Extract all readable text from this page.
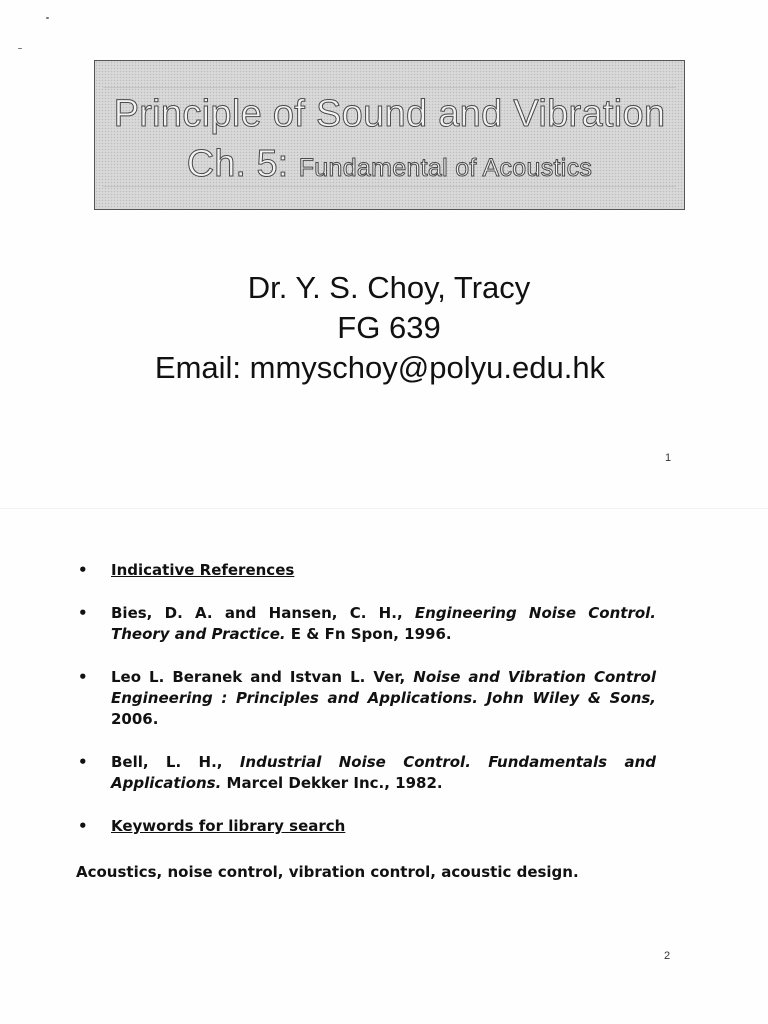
Principle of Sound and Vibration
Ch. 5: Fundamental of Acoustics
Dr. Y. S. Choy, Tracy
FG 639
Email: mmyschoy@polyu.edu.hk
1
• Indicative References
• Bies, D. A. and Hansen, C. H., Engineering Noise Control. Theory and Practice. E & Fn Spon, 1996.
• Leo L. Beranek and Istvan L. Ver, Noise and Vibration Control Engineering : Principles and Applications. John Wiley & Sons, 2006.
• Bell, L. H., Industrial Noise Control. Fundamentals and Applications. Marcel Dekker Inc., 1982.
• Keywords for library search
Acoustics, noise control, vibration control, acoustic design.
2
